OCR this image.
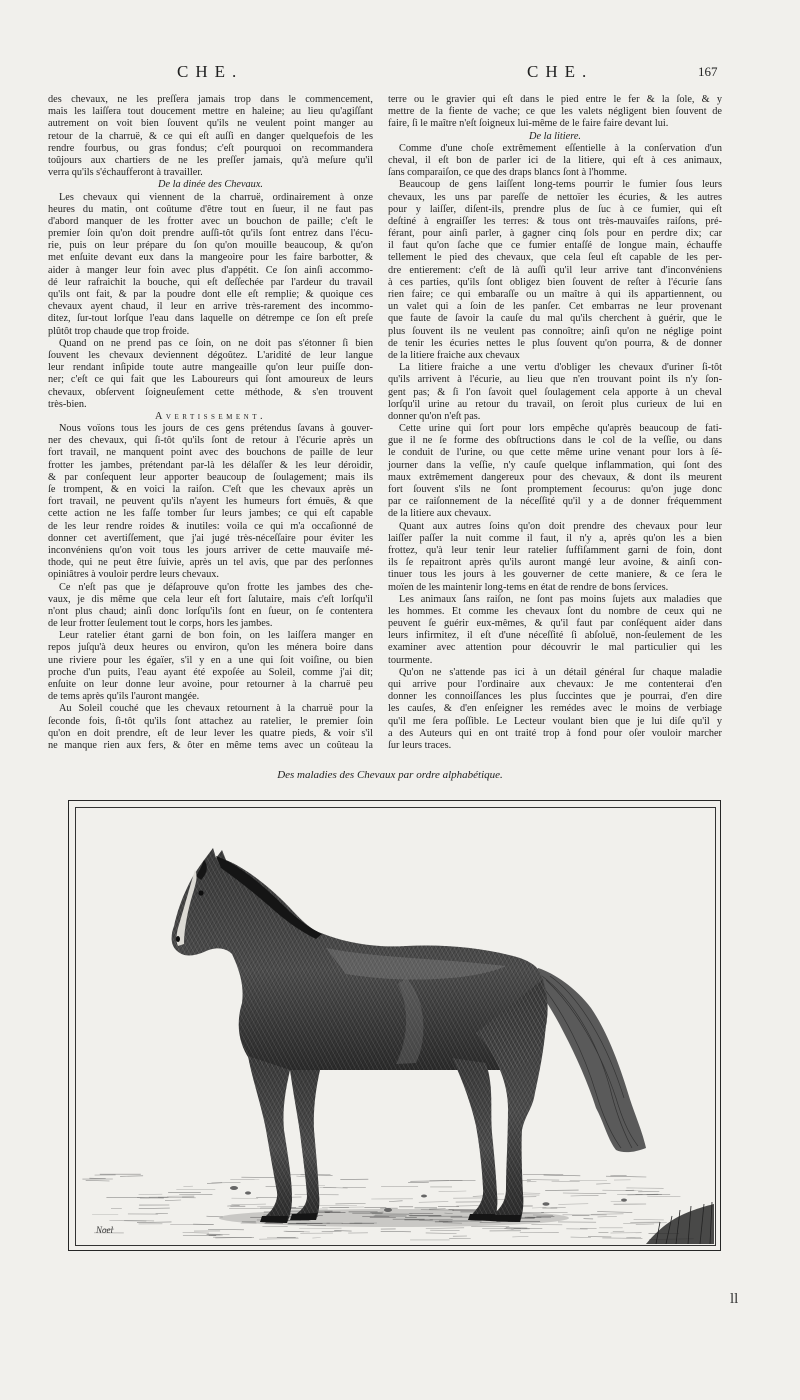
CHE.	CHE.	167
des chevaux, ne les preſſera jamais trop dans le commencement,
mais les laiſſera tout doucement mettre en haleine; au lieu qu'agiſſant
autrement on voit bien ſouvent qu'ils ne veulent point manger au
retour de la charruë, & ce qui eſt auſſi en danger quelquefois de les
rendre fourbus, ou gras fondus; c'eſt pourquoi on recommandera
toûjours aux chartiers de ne les preſſer jamais, qu'à meſure qu'il
verra qu'ils s'échaufferont à travailler.
De la dinée des Chevaux.
Les chevaux qui viennent de la charruë, ordinairement à onze
heures du matin, ont coûtume d'être tout en ſueur, il ne faut pas
d'abord manquer de les frotter avec un bouchon de paille; c'eſt le
premier ſoin qu'on doit prendre auſſi-tôt qu'ils ſont entrez dans l'écu-
rie, puis on leur prépare du ſon qu'on mouille beaucoup, & qu'on
met enſuite devant eux dans la mangeoire pour les faire barbotter, &
aider à manger leur foin avec plus d'appétit. Ce ſon ainſi accommo-
dé leur rafraichit la bouche, qui eſt deſſechée par l'ardeur du travail
qu'ils ont fait, & par la poudre dont elle eſt remplie; & quoique ces
chevaux ayent chaud, il leur en arrive très-rarement des incommo-
ditez, ſur-tout lorſque l'eau dans laquelle on détrempe ce ſon eſt preſe
plûtôt trop chaude que trop froide.
Quand on ne prend pas ce ſoin, on ne doit pas s'étonner ſi bien
ſouvent les chevaux deviennent dégoûtez. L'aridité de leur langue
leur rendant inſipide toute autre mangeaille qu'on leur puiſſe don-
ner; c'eſt ce qui fait que les Laboureurs qui ſont amoureux de leurs
chevaux, obſervent ſoigneuſement cette méthode, & s'en trouvent
très-bien.
Avertissement.
Nous voïons tous les jours de ces gens prétendus ſavans à gouver-
ner des chevaux, qui ſi-tôt qu'ils ſont de retour à l'écurie après un
fort travail, ne manquent point avec des bouchons de paille de leur
frotter les jambes, prétendant par-là les délaſſer & les leur déroidir,
& par conſequent leur apporter beaucoup de ſoulagement; mais ils
ſe trompent, & en voici la raiſon. C'eſt que les chevaux après un
fort travail, ne peuvent qu'ils n'ayent les humeurs fort émuës, & que
cette action ne les faſſe tomber ſur leurs jambes; ce qui eſt capable
de les leur rendre roides & inutiles: voila ce qui m'a occaſionné de
donner cet avertiſſement, que j'ai jugé très-néceſſaire pour éviter les
inconvéniens qu'on voit tous les jours arriver de cette mauvaiſe mé-
thode, qui ne peut être ſuivie, après un tel avis, que par des perſonnes
opiniâtres à vouloir perdre leurs chevaux.
Ce n'eſt pas que je déſaprouve qu'on frotte les jambes des che-
vaux, je dis même que cela leur eſt fort ſalutaire, mais c'eſt lorſqu'il
n'ont plus chaud; ainſi donc lorſqu'ils ſont en ſueur, on ſe contentera
de leur frotter ſeulement tout le corps, hors les jambes.
Leur ratelier étant garni de bon foin, on les laiſſera manger en
repos juſqu'à deux heures ou environ, qu'on les ménera boire dans
une riviere pour les égaïer, s'il y en a une qui ſoit voiſine, ou bien
proche d'un puits, l'eau ayant été expoſée au Soleil, comme j'ai dit;
enſuite on leur donne leur avoine, pour retourner à la charruë peu
de tems après qu'ils l'auront mangée.
Au Soleil couché que les chevaux retournent à la charruë pour la
ſeconde fois, ſi-tôt qu'ils ſont attachez au ratelier, le premier ſoin
qu'on en doit prendre, eſt de leur lever les quatre pieds, & voir s'il
ne manque rien aux fers, & ôter en même tems avec un coûteau la
terre ou le gravier qui eſt dans le pied entre le fer & la ſole, & y
mettre de la fiente de vache; ce que les valets négligent bien ſouvent de
faire, ſi le maître n'eſt ſoigneux lui-même de le faire faire devant lui.
De la litiere.
Comme d'une choſe extrêmement eſſentielle à la conſervation d'un
cheval, il eſt bon de parler ici de la litiere, qui eſt à ces animaux,
ſans comparaiſon, ce que des draps blancs ſont à l'homme.
Beaucoup de gens laiſſent long-tems pourrir le fumier ſous leurs
chevaux, les uns par pareſſe de nettoïer les écuries, & les autres
pour y laiſſer, diſent-ils, prendre plus de ſuc à ce fumier, qui eſt
deſtiné à engraiſſer les terres: & tous ont très-mauvaiſes raiſons, pré-
férant, pour ainſi parler, à gagner cinq ſols pour en perdre dix; car
il faut qu'on ſache que ce fumier entaſſé de longue main, échauffe
tellement le pied des chevaux, que cela ſeul eſt capable de les per-
dre entierement: c'eſt de là auſſi qu'il leur arrive tant d'inconvéniens
à ces parties, qu'ils ſont obligez bien ſouvent de reſter à l'écurie ſans
rien faire; ce qui embaraſſe ou un maître à qui ils appartiennent, ou
un valet qui a ſoin de les panſer. Cet embarras ne leur provenant
que faute de ſavoir la cauſe du mal qu'ils cherchent à guérir, que le
plus ſouvent ils ne veulent pas connoître; ainſi qu'on ne néglige point
de tenir les écuries nettes le plus ſouvent qu'on pourra, & de donner
de la litiere fraiche aux chevaux
La litiere fraiche a une vertu d'obliger les chevaux d'uriner ſi-tôt
qu'ils arrivent à l'écurie, au lieu que n'en trouvant point ils n'y ſon-
gent pas; & ſi l'on ſavoit quel ſoulagement cela apporte à un cheval
lorſqu'il urine au retour du travail, on ſeroit plus curieux de lui en
donner qu'on n'eſt pas.
Cette urine qui ſort pour lors empêche qu'après beaucoup de fati-
gue il ne ſe forme des obſtructions dans le col de la veſſie, ou dans
le conduit de l'urine, ou que cette même urine venant pour lors à ſé-
journer dans la veſſie, n'y cauſe quelque inflammation, qui ſont des
maux extrêmement dangereux pour des chevaux, & dont ils meurent
fort ſouvent s'ils ne ſont promptement ſecourus: qu'on juge donc
par ce raiſonnement de la néceſſité qu'il y a de donner fréquemment
de la litiere aux chevaux.
Quant aux autres ſoins qu'on doit prendre des chevaux pour leur
laiſſer paſſer la nuit comme il faut, il n'y a, après qu'on les a bien
frottez, qu'à leur tenir leur ratelier ſuffiſamment garni de foin, dont
ils ſe repaitront après qu'ils auront mangé leur avoine, & ainſi con-
tinuer tous les jours à les gouverner de cette maniere, & ce ſera le
moïen de les maintenir long-tems en état de rendre de bons ſervices.
Les animaux ſans raiſon, ne ſont pas moins ſujets aux maladies que
les hommes. Et comme les chevaux ſont du nombre de ceux qui ne
peuvent ſe guérir eux-mêmes, & qu'il faut par conſéquent aider dans
leurs infirmitez, il eſt d'une néceſſité ſi abſoluë, non-ſeulement de les
examiner avec attention pour découvrir le mal particulier qui les
tourmente.
Qu'on ne s'attende pas ici à un détail général ſur chaque maladie
qui arrive pour l'ordinaire aux chevaux: Je me contenterai d'en
donner les connoiſſances les plus ſuccintes que je pourrai, d'en dire
les cauſes, & d'en enſeigner les remédes avec le moins de verbiage
qu'il me ſera poſſible. Le Lecteur voulant bien que je lui diſe qu'il y
a des Auteurs qui en ont traité trop à fond pour oſer vouloir marcher
ſur leurs traces.
Des maladies des Chevaux par ordre alphabétique.
Noel
ll
